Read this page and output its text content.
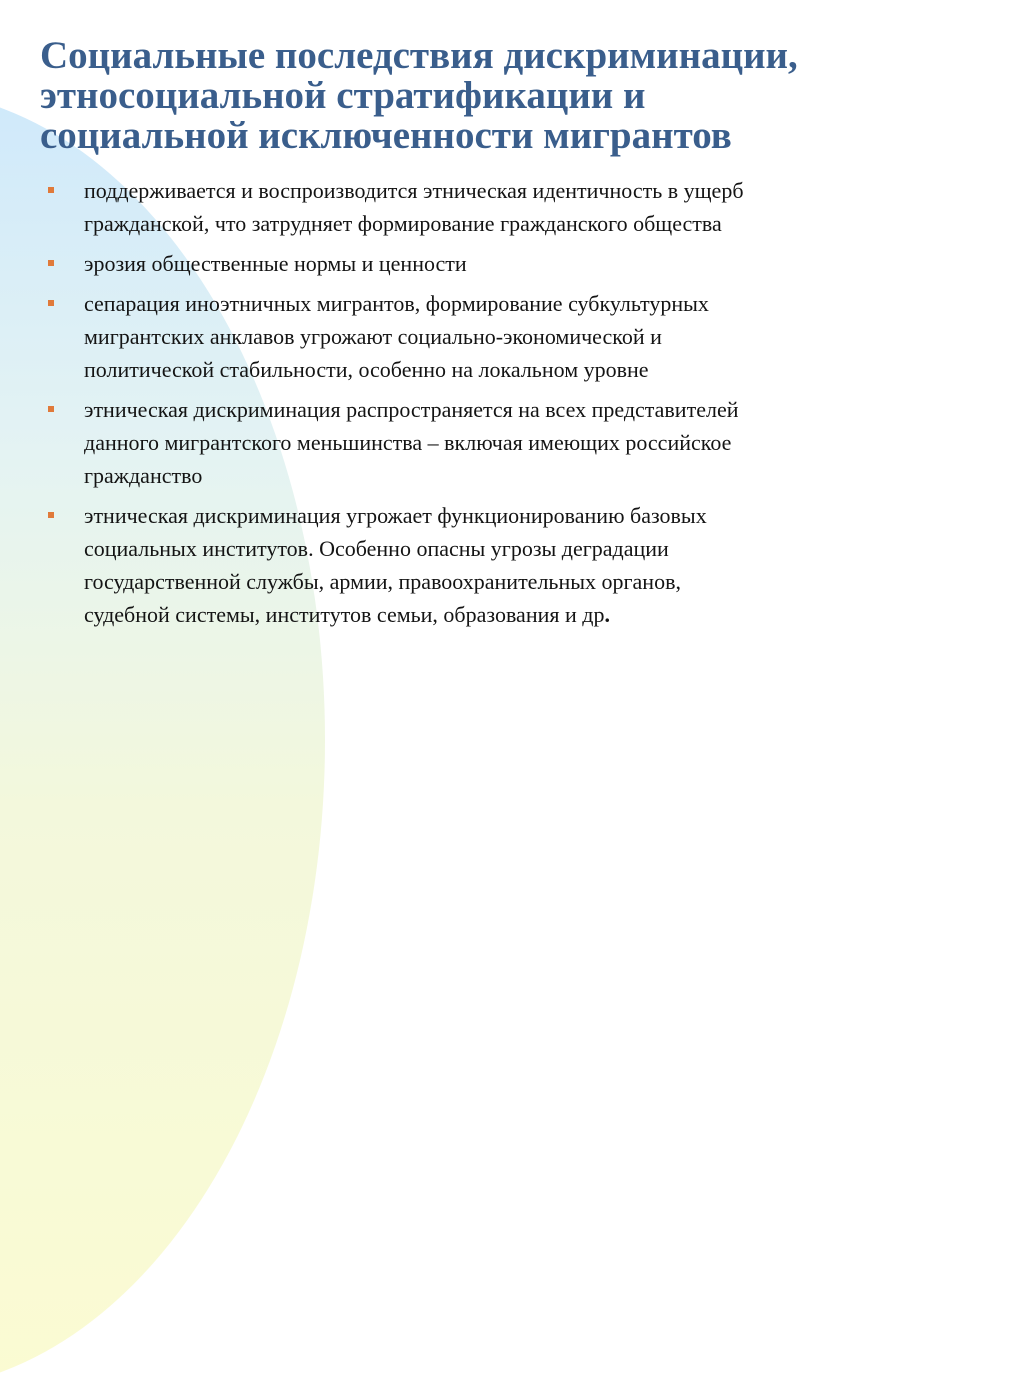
Социальные последствия дискриминации,
этносоциальной стратификации и
социальной исключенности мигрантов
поддерживается и воспроизводится этническая идентичность в ущерб
гражданской, что затрудняет формирование гражданского общества
эрозия общественные нормы и ценности
сепарация иноэтничных мигрантов, формирование субкультурных
мигрантских анклавов угрожают социально-экономической и
политической стабильности, особенно на локальном уровне
этническая дискриминация распространяется на всех представителей
данного мигрантского меньшинства – включая имеющих российское
гражданство
этническая дискриминация угрожает функционированию базовых
социальных институтов. Особенно опасны угрозы деградации
государственной службы, армии, правоохранительных органов,
судебной системы, институтов семьи, образования и др.
